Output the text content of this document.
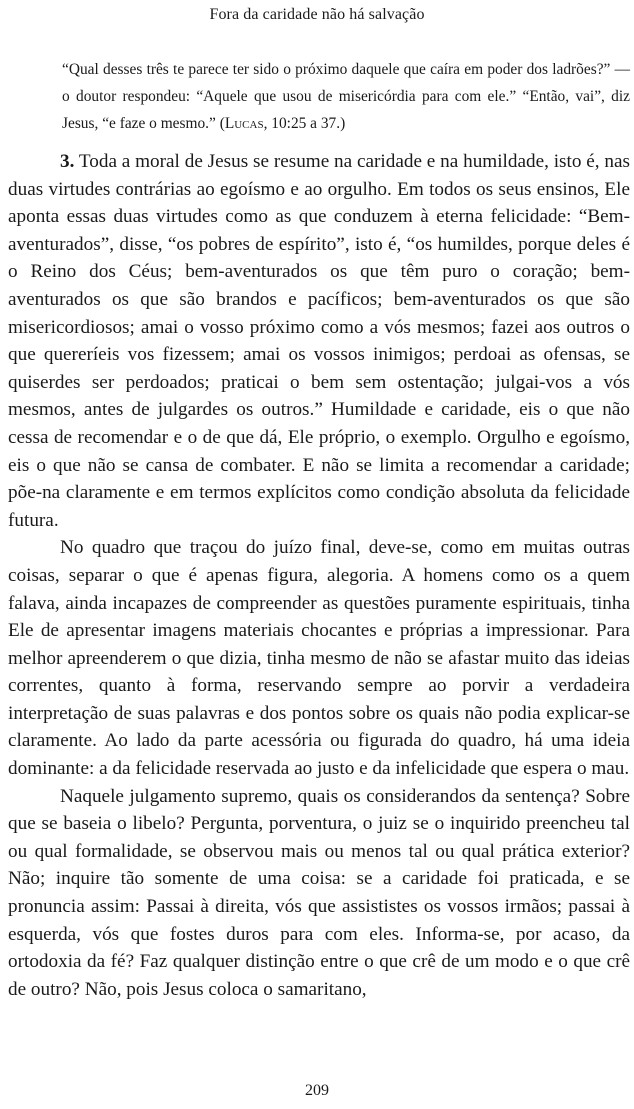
Fora da caridade não há salvação

“Qual desses três te parece ter sido o próximo daquele que caíra em poder dos ladrões?” — o doutor respondeu: “Aquele que usou de misericórdia para com ele.” “Então, vai”, diz Jesus, “e faze o mesmo.” (Lucas, 10:25 a 37.)

3. Toda a moral de Jesus se resume na caridade e na humildade, isto é, nas duas virtudes contrárias ao egoísmo e ao orgulho. Em todos os seus ensinos, Ele aponta essas duas virtudes como as que conduzem à eterna felicidade: “Bem-aventurados”, disse, “os pobres de espírito”, isto é, “os humildes, porque deles é o Reino dos Céus; bem-aventurados os que têm puro o coração; bem-aventurados os que são brandos e pacíficos; bem-aventurados os que são misericordiosos; amai o vosso próximo como a vós mesmos; fazei aos outros o que quereríeis vos fizessem; amai os vossos inimigos; perdoai as ofensas, se quiserdes ser perdoados; praticai o bem sem ostentação; julgai-vos a vós mesmos, antes de julgardes os outros.” Humildade e caridade, eis o que não cessa de recomendar e o de que dá, Ele próprio, o exemplo. Orgulho e egoísmo, eis o que não se cansa de combater. E não se limita a recomendar a caridade; põe-na claramente e em termos explícitos como condição absoluta da felicidade futura.

No quadro que traçou do juízo final, deve-se, como em muitas outras coisas, separar o que é apenas figura, alegoria. A homens como os a quem falava, ainda incapazes de compreender as questões puramente espirituais, tinha Ele de apresentar imagens materiais chocantes e próprias a impressionar. Para melhor apreenderem o que dizia, tinha mesmo de não se afastar muito das ideias correntes, quanto à forma, reservando sempre ao porvir a verdadeira interpretação de suas palavras e dos pontos sobre os quais não podia explicar-se claramente. Ao lado da parte acessória ou figurada do quadro, há uma ideia dominante: a da felicidade reservada ao justo e da infelicidade que espera o mau.

Naquele julgamento supremo, quais os considerandos da sentença? Sobre que se baseia o libelo? Pergunta, porventura, o juiz se o inquirido preencheu tal ou qual formalidade, se observou mais ou menos tal ou qual prática exterior? Não; inquire tão somente de uma coisa: se a caridade foi praticada, e se pronuncia assim: Passai à direita, vós que assististes os vossos irmãos; passai à esquerda, vós que fostes duros para com eles. Informa-se, por acaso, da ortodoxia da fé? Faz qualquer distinção entre o que crê de um modo e o que crê de outro? Não, pois Jesus coloca o samaritano,

209
